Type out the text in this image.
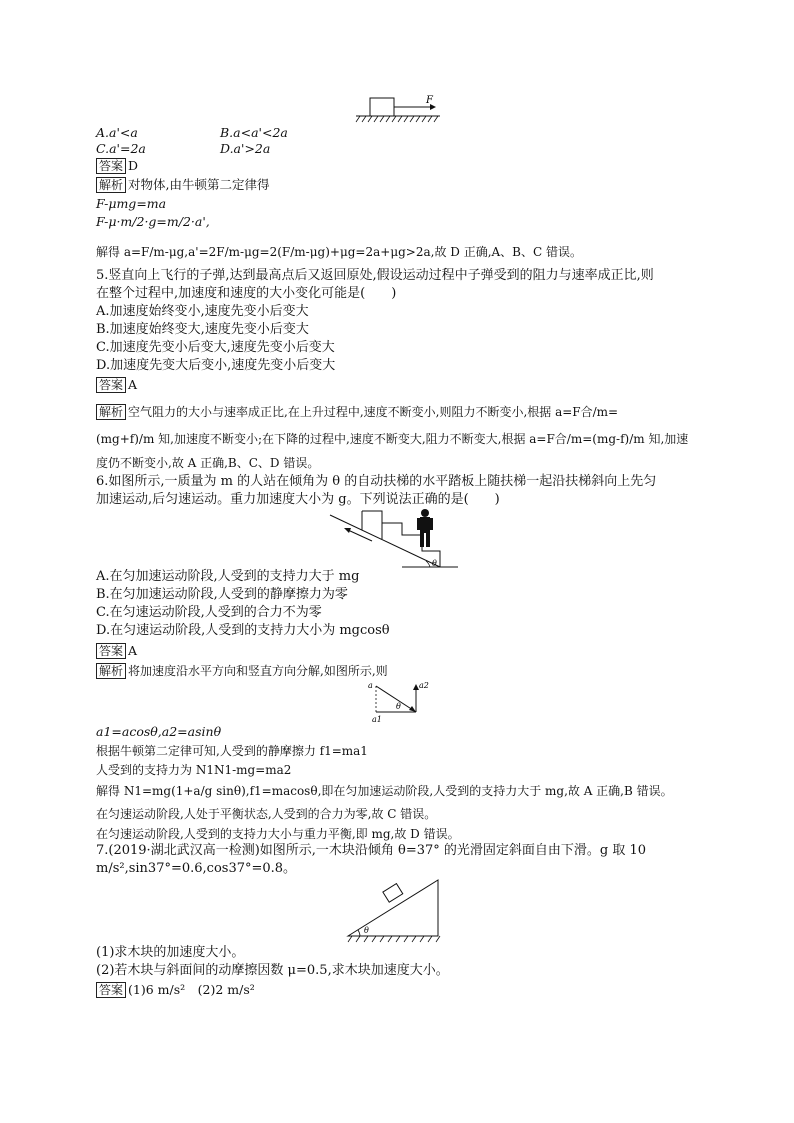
F
A.a'<a	B.a<a'<2a
C.a'=2a	D.a'>2a
答案 D
解析 对物体,由牛顿第二定律得
F-μmg=ma
F-μ·m/2·g=m/2·a',
解得 a=F/m-μg,a'=2F/m-μg=2(F/m-μg)+μg=2a+μg>2a,故 D 正确,A、B、C 错误。
5.竖直向上飞行的子弹,达到最高点后又返回原处,假设运动过程中子弹受到的阻力与速率成正比,则
在整个过程中,加速度和速度的大小变化可能是(　　)
A.加速度始终变小,速度先变小后变大
B.加速度始终变大,速度先变小后变大
C.加速度先变小后变大,速度先变小后变大
D.加速度先变大后变小,速度先变小后变大
答案 A
解析 空气阻力的大小与速率成正比,在上升过程中,速度不断变小,则阻力不断变小,根据 a=F合/m=
(mg+f)/m 知,加速度不断变小;在下降的过程中,速度不断变大,阻力不断变大,根据 a=F合/m=(mg-f)/m 知,加速
度仍不断变小,故 A 正确,B、C、D 错误。
6.如图所示,一质量为 m 的人站在倾角为 θ 的自动扶梯的水平踏板上随扶梯一起沿扶梯斜向上先匀
加速运动,后匀速运动。重力加速度大小为 g。下列说法正确的是(　　)
θ
A.在匀加速运动阶段,人受到的支持力大于 mg
B.在匀加速运动阶段,人受到的静摩擦力为零
C.在匀速运动阶段,人受到的合力不为零
D.在匀速运动阶段,人受到的支持力大小为 mgcosθ
答案 A
解析 将加速度沿水平方向和竖直方向分解,如图所示,则
a	a2
a1
θ
a1=acosθ,a2=asinθ
根据牛顿第二定律可知,人受到的静摩擦力 f1=ma1
人受到的支持力为 N1N1-mg=ma2
解得 N1=mg(1+a/g sinθ),f1=macosθ,即在匀加速运动阶段,人受到的支持力大于 mg,故 A 正确,B 错误。
在匀速运动阶段,人处于平衡状态,人受到的合力为零,故 C 错误。
在匀速运动阶段,人受到的支持力大小与重力平衡,即 mg,故 D 错误。
7.(2019·湖北武汉高一检测)如图所示,一木块沿倾角 θ=37° 的光滑固定斜面自由下滑。g 取 10
m/s²,sin37°=0.6,cos37°=0.8。
θ
(1)求木块的加速度大小。
(2)若木块与斜面间的动摩擦因数 μ=0.5,求木块加速度大小。
答案 (1)6 m/s²　(2)2 m/s²
